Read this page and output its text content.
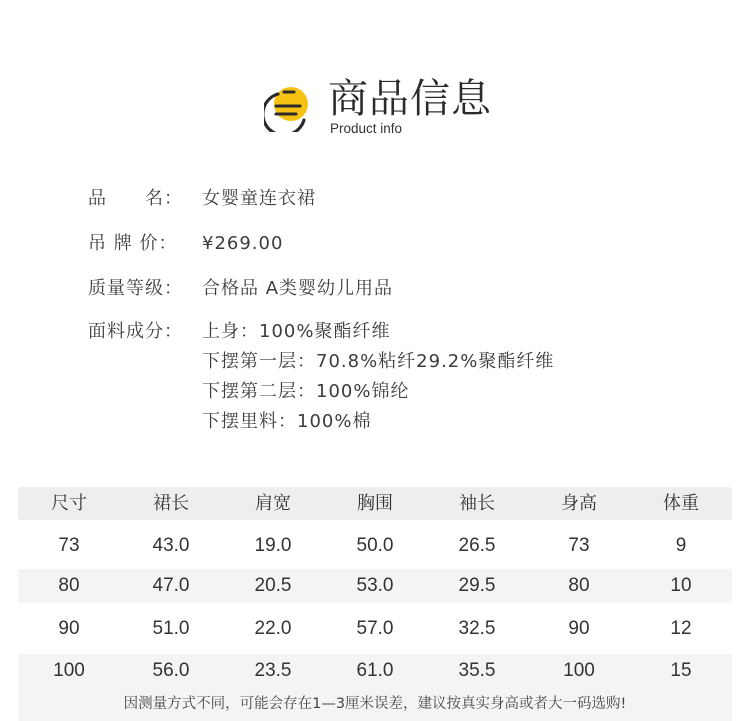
商品信息
Product info
品　　名： 女婴童连衣裙
吊 牌 价： ¥269.00
质量等级： 合格品 A类婴幼儿用品
面料成分： 上身：100%聚酯纤维
下摆第一层：70.8%粘纤29.2%聚酯纤维
下摆第二层：100%锦纶
下摆里料：100%棉
尺寸	裙长	肩宽	胸围	袖长	身高	体重
73	43.0	19.0	50.0	26.5	73	9
80	47.0	20.5	53.0	29.5	80	10
90	51.0	22.0	57.0	32.5	90	12
100	56.0	23.5	61.0	35.5	100	15
因测量方式不同，可能会存在1—3厘米误差，建议按真实身高或者大一码选购!
